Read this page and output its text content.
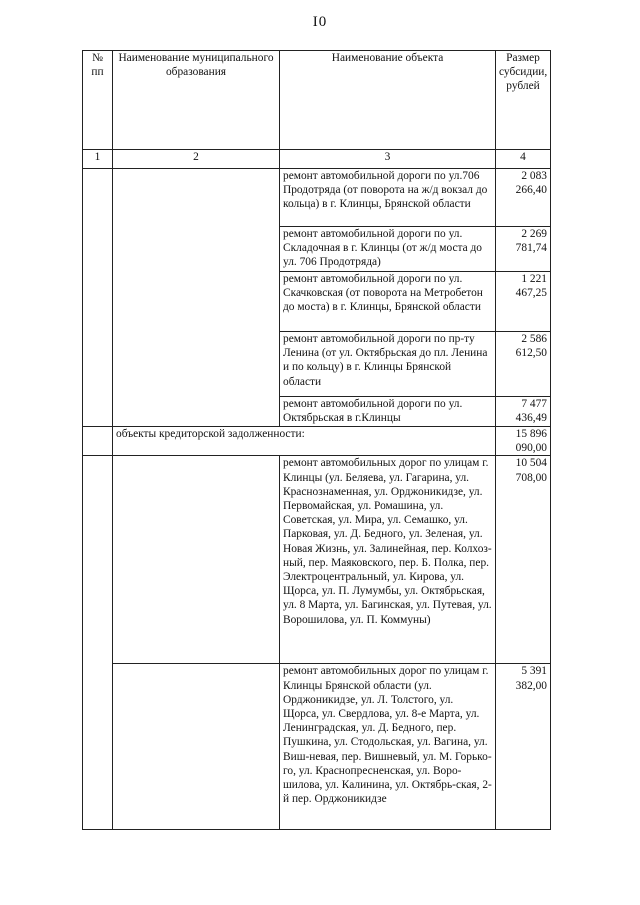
I0
№ пп	Наименование муниципального образования	Наименование объекта	Размер субсидии, рублей
1	2	3	4
		ремонт автомобильной дороги по ул.706 Продотряда (от поворота на ж/д вокзал до кольца) в г. Клинцы, Брянской области	2 083 266,40
		ремонт автомобильной дороги по ул. Складочная в г. Клинцы (от ж/д моста до ул. 706 Продотряда)	2 269 781,74
		ремонт автомобильной дороги по ул. Скачковская (от поворота на Метробетон до моста) в г. Клинцы, Брянской области	1 221 467,25
		ремонт автомобильной дороги по пр-ту Ленина (от ул. Октябрьская до пл. Ленина и по кольцу) в г. Клинцы Брянской области	2 586 612,50
		ремонт автомобильной дороги по ул. Октябрьская в г.Клинцы	7 477 436,49
	объекты кредиторской задолженности:		15 896 090,00
		ремонт автомобильных дорог по улицам г. Клинцы (ул. Беляева, ул. Гагарина, ул. Краснознаменная, ул. Орджоникидзе, ул. Первомайская, ул. Ромашина, ул. Советская, ул. Мира, ул. Семашко, ул. Парковая, ул. Д. Бедного, ул. Зеленая, ул. Новая Жизнь, ул. Залинейная, пер. Колхоз-ный, пер. Маяковского, пер. Б. Полка, пер. Электроцентральный, ул. Кирова, ул. Щорса, ул. П. Лумумбы, ул. Октябрьская, ул. 8 Марта, ул. Багинская, ул. Путевая, ул. Ворошилова, ул. П. Коммуны)	10 504 708,00
		ремонт автомобильных дорог по улицам г. Клинцы Брянской области (ул. Орджоникидзе, ул. Л. Толстого, ул. Щорса, ул. Свердлова, ул. 8-е Марта, ул. Ленинградская, ул. Д. Бедного, пер. Пушкина, ул. Стодольская, ул. Вагина, ул. Виш-невая, пер. Вишневый, ул. М. Горько-го, ул. Краснопресненская, ул. Воро-шилова, ул. Калинина, ул. Октябрь-ская, 2-й пер. Орджоникидзе	5 391 382,00
